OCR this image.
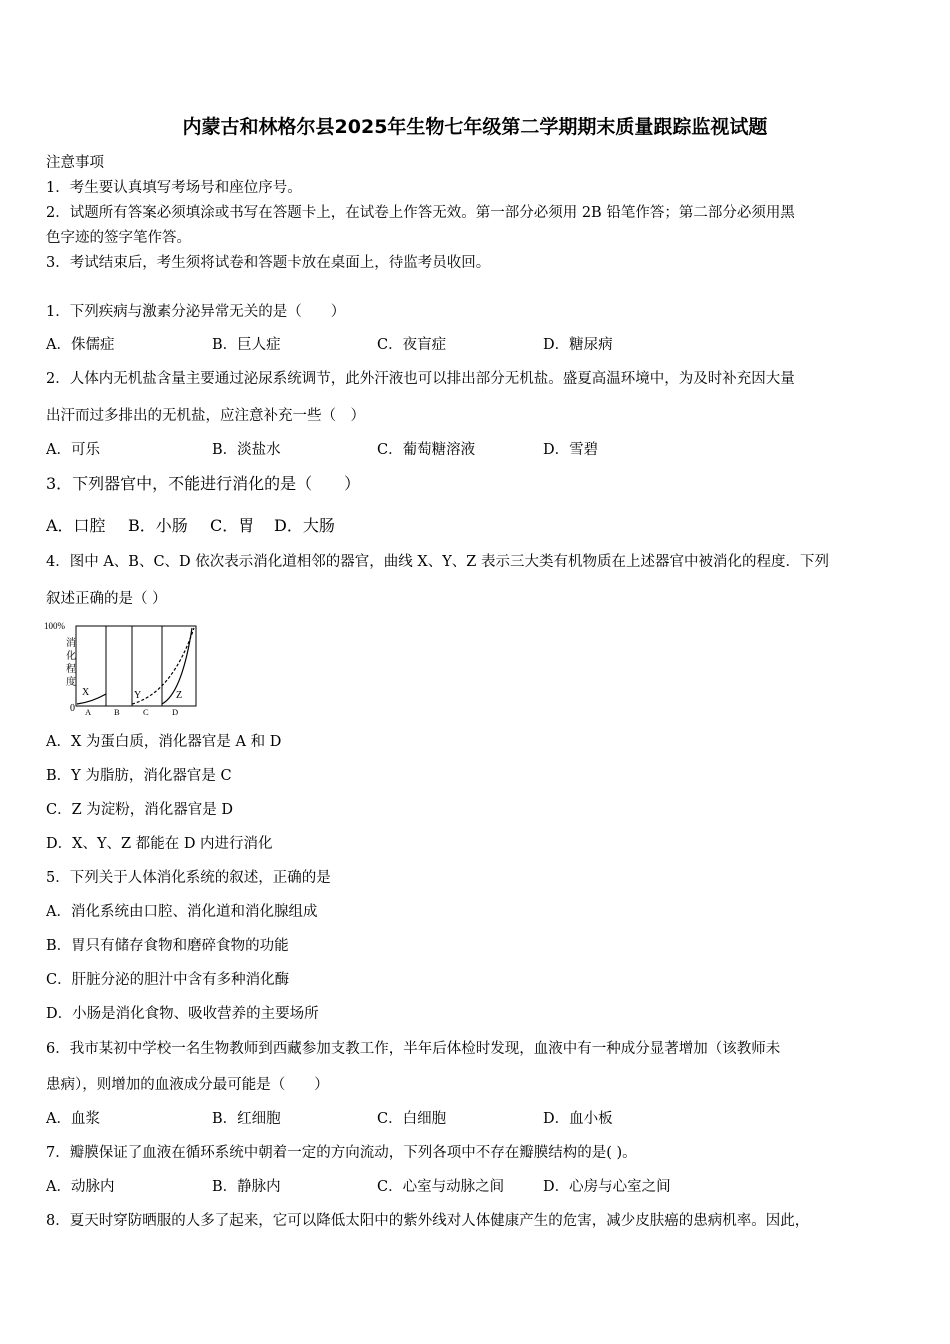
内蒙古和林格尔县2025年生物七年级第二学期期末质量跟踪监视试题
注意事项
1．考生要认真填写考场号和座位序号。
2．试题所有答案必须填涂或书写在答题卡上，在试卷上作答无效。第一部分必须用 2B 铅笔作答；第二部分必须用黑
色字迹的签字笔作答。
3．考试结束后，考生须将试卷和答题卡放在桌面上，待监考员收回。
1．下列疾病与激素分泌异常无关的是（　　）
A．侏儒症	B．巨人症	C．夜盲症	D．糖尿病
2．人体内无机盐含量主要通过泌尿系统调节，此外汗液也可以排出部分无机盐。盛夏高温环境中，为及时补充因大量
出汗而过多排出的无机盐，应注意补充一些（　）
A．可乐	B．淡盐水	C．葡萄糖溶液	D．雪碧
3．下列器官中，不能进行消化的是（　　）
A．口腔 B．小肠 C．胃 D．大肠
4．图中 A、B、C、D 依次表示消化道相邻的器官，曲线 X、Y、Z 表示三大类有机物质在上述器官中被消化的程度．下列
叙述正确的是（ ）
100%
消
化
程
度
0
X	Y	Z
A	B	C	D
A．X 为蛋白质，消化器官是 A 和 D
B．Y 为脂肪，消化器官是 C
C．Z 为淀粉，消化器官是 D
D．X、Y、Z 都能在 D 内进行消化
5．下列关于人体消化系统的叙述，正确的是
A．消化系统由口腔、消化道和消化腺组成
B．胃只有储存食物和磨碎食物的功能
C．肝脏分泌的胆汁中含有多种消化酶
D．小肠是消化食物、吸收营养的主要场所
6．我市某初中学校一名生物教师到西藏参加支教工作，半年后体检时发现，血液中有一种成分显著增加（该教师未
患病），则增加的血液成分最可能是（　　）
A．血浆	B．红细胞	C．白细胞	D．血小板
7．瓣膜保证了血液在循环系统中朝着一定的方向流动，下列各项中不存在瓣膜结构的是( )。
A．动脉内	B．静脉内	C．心室与动脉之间	D．心房与心室之间
8．夏天时穿防晒服的人多了起来，它可以降低太阳中的紫外线对人体健康产生的危害，减少皮肤癌的患病机率。因此，
